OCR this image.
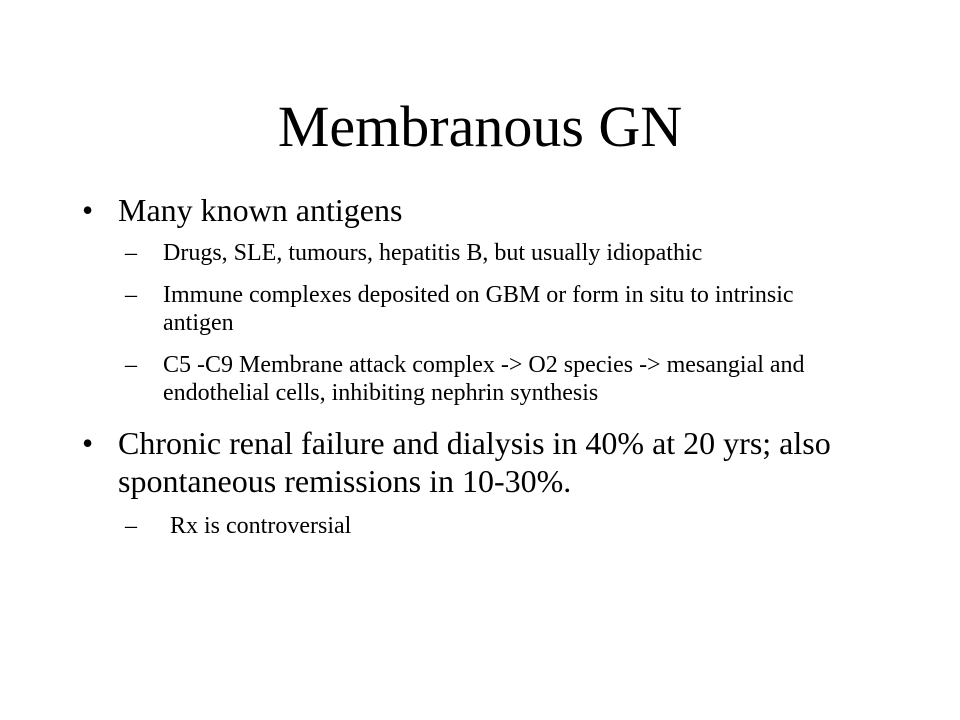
Membranous GN
• Many known antigens
– Drugs, SLE, tumours, hepatitis B, but usually idiopathic
– Immune complexes deposited on GBM or form in situ to intrinsic antigen
– C5 -C9 Membrane attack complex -> O2 species -> mesangial and endothelial cells, inhibiting nephrin synthesis
• Chronic renal failure and dialysis in 40% at 20 yrs; also spontaneous remissions in 10-30%.
– Rx is controversial
